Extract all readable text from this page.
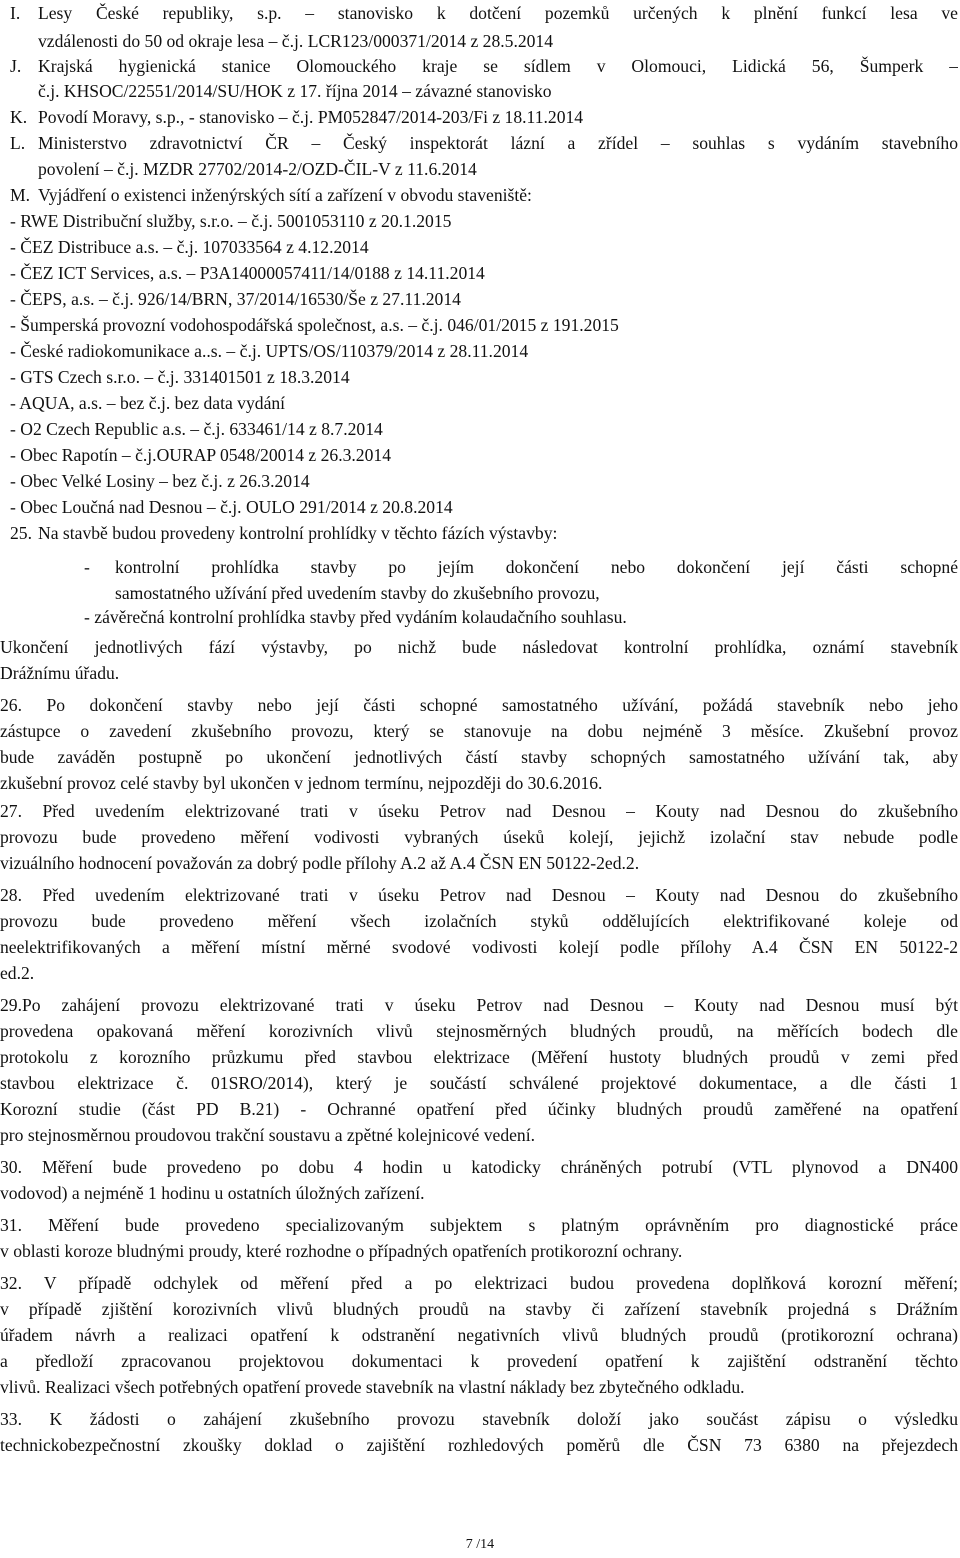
I. Lesy České republiky, s.p. – stanovisko k dotčení pozemků určených k plnění funkcí lesa ve
vzdálenosti do 50 od okraje lesa – č.j. LCR123/000371/2014 z 28.5.2014
J. Krajská hygienická stanice Olomouckého kraje se sídlem v Olomouci, Lidická 56, Šumperk –
č.j. KHSOC/22551/2014/SU/HOK z 17. října 2014 – závazné stanovisko
K. Povodí Moravy, s.p., - stanovisko – č.j. PM052847/2014-203/Fi z 18.11.2014
L. Ministerstvo zdravotnictví ČR – Český inspektorát lázní a zřídel – souhlas s vydáním stavebního
povolení – č.j. MZDR 27702/2014-2/OZD-ČIL-V z 11.6.2014
M. Vyjádření o existenci inženýrských sítí a zařízení v obvodu staveniště:
- RWE Distribuční služby, s.r.o. – č.j. 5001053110 z 20.1.2015
- ČEZ Distribuce a.s. – č.j. 107033564 z 4.12.2014
- ČEZ ICT Services, a.s. – P3A14000057411/14/0188 z 14.11.2014
- ČEPS, a.s. – č.j. 926/14/BRN, 37/2014/16530/Še z 27.11.2014
- Šumperská provozní vodohospodářská společnost, a.s. – č.j. 046/01/2015 z 191.2015
- České radiokomunikace a..s. – č.j. UPTS/OS/110379/2014 z 28.11.2014
- GTS Czech s.r.o. – č.j. 331401501 z 18.3.2014
- AQUA, a.s. – bez č.j. bez data vydání
- O2 Czech Republic a.s. – č.j. 633461/14 z 8.7.2014
- Obec Rapotín – č.j.OURAP 0548/20014 z 26.3.2014
- Obec Velké Losiny – bez č.j. z 26.3.2014
- Obec Loučná nad Desnou – č.j. OULO 291/2014 z 20.8.2014
25. Na stavbě budou provedeny kontrolní prohlídky v těchto fázích výstavby:
- kontrolní prohlídka stavby po jejím dokončení nebo dokončení její části schopné
samostatného užívání před uvedením stavby do zkušebního provozu,
- závěrečná kontrolní prohlídka stavby před vydáním kolaudačního souhlasu.
Ukončení jednotlivých fází výstavby, po nichž bude následovat kontrolní prohlídka, oznámí stavebník
Drážnímu úřadu.
26. Po dokončení stavby nebo její části schopné samostatného užívání, požádá stavebník nebo jeho
zástupce o zavedení zkušebního provozu, který se stanovuje na dobu nejméně 3 měsíce. Zkušební provoz
bude zaváděn postupně po ukončení jednotlivých částí stavby schopných samostatného užívání tak, aby
zkušební provoz celé stavby byl ukončen v jednom termínu, nejpozději do 30.6.2016.
27. Před uvedením elektrizované trati v úseku Petrov nad Desnou – Kouty nad Desnou do zkušebního
provozu bude provedeno měření vodivosti vybraných úseků kolejí, jejichž izolační stav nebude podle
vizuálního hodnocení považován za dobrý podle přílohy A.2 až A.4 ČSN EN 50122-2ed.2.
28. Před uvedením elektrizované trati v úseku Petrov nad Desnou – Kouty nad Desnou do zkušebního
provozu bude provedeno měření všech izolačních styků oddělujících elektrifikované koleje od
neelektrifikovaných a měření místní měrné svodové vodivosti kolejí podle přílohy A.4 ČSN EN 50122-2
ed.2.
29.Po zahájení provozu elektrizované trati v úseku Petrov nad Desnou – Kouty nad Desnou musí být
provedena opakovaná měření korozivních vlivů stejnosměrných bludných proudů, na měřících bodech dle
protokolu z korozního průzkumu před stavbou elektrizace (Měření hustoty bludných proudů v zemi před
stavbou elektrizace č. 01SRO/2014), který je součástí schválené projektové dokumentace, a dle části 1
Korozní studie (část PD B.21) - Ochranné opatření před účinky bludných proudů zaměřené na opatření
pro stejnosměrnou proudovou trakční soustavu a zpětné kolejnicové vedení.
30. Měření bude provedeno po dobu 4 hodin u katodicky chráněných potrubí (VTL plynovod a DN400
vodovod) a nejméně 1 hodinu u ostatních úložných zařízení.
31. Měření bude provedeno specializovaným subjektem s platným oprávněním pro diagnostické práce
v oblasti koroze bludnými proudy, které rozhodne o případných opatřeních protikorozní ochrany.
32. V případě odchylek od měření před a po elektrizaci budou provedena doplňková korozní měření;
v případě zjištění korozivních vlivů bludných proudů na stavby či zařízení stavebník projedná s Drážním
úřadem návrh a realizaci opatření k odstranění negativních vlivů bludných proudů (protikorozní ochrana)
a předloží zpracovanou projektovou dokumentaci k provedení opatření k zajištění odstranění těchto
vlivů. Realizaci všech potřebných opatření provede stavebník na vlastní náklady bez zbytečného odkladu.
33. K žádosti o zahájení zkušebního provozu stavebník doloží jako součást zápisu o výsledku
technickobezpečnostní zkoušky doklad o zajištění rozhledových poměrů dle ČSN 73 6380 na přejezdech
7 /14
